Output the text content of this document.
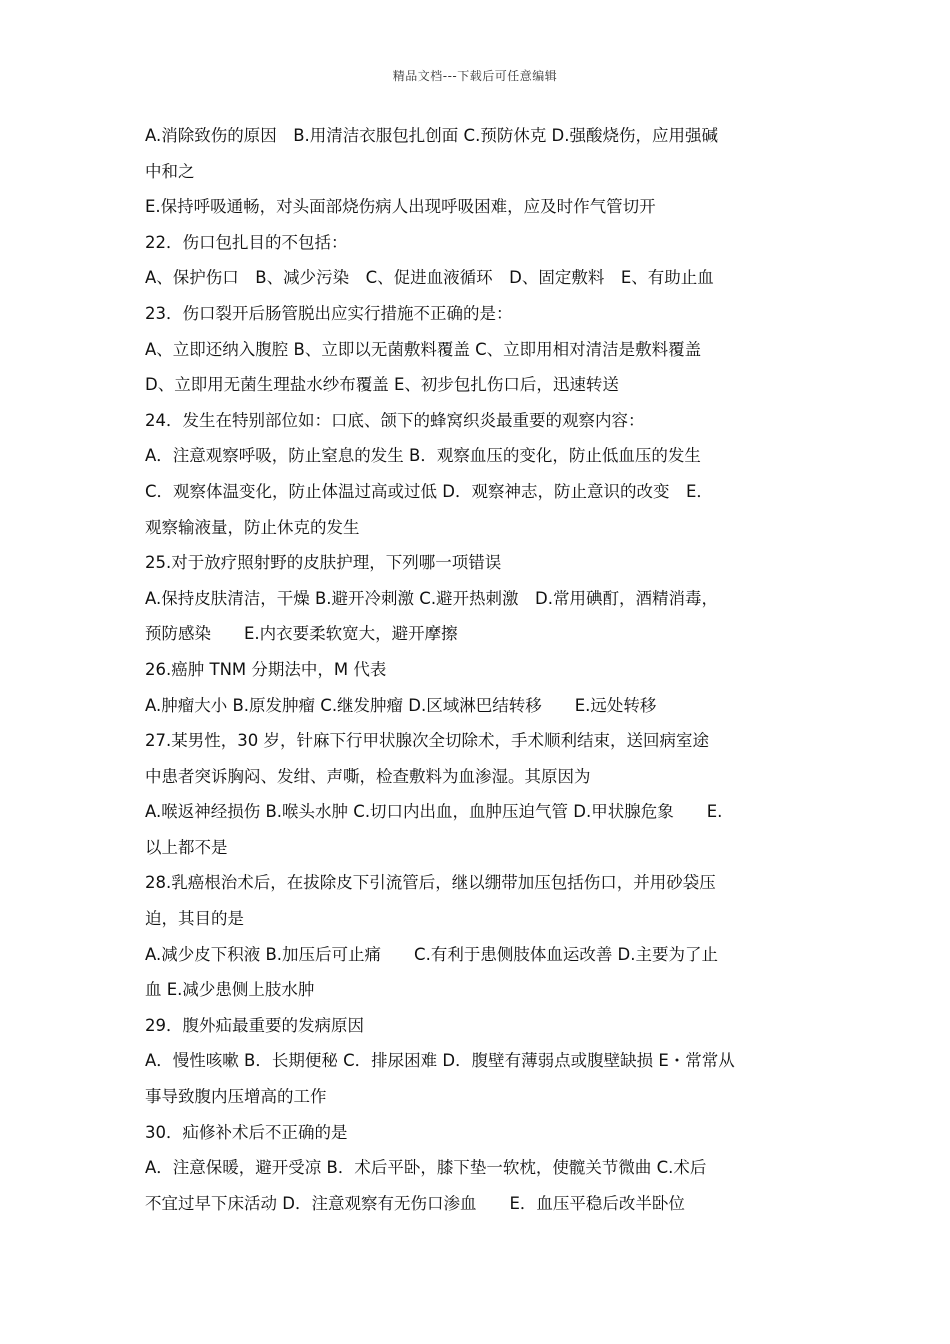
精品文档---下载后可任意编辑
A.消除致伤的原因　B.用清洁衣服包扎创面 C.预防休克 D.强酸烧伤，应用强碱
中和之
E.保持呼吸通畅，对头面部烧伤病人出现呼吸困难，应及时作气管切开
22．伤口包扎目的不包括：
A、保护伤口　B、减少污染　C、促进血液循环　D、固定敷料　E、有助止血
23．伤口裂开后肠管脱出应实行措施不正确的是：
A、立即还纳入腹腔 B、立即以无菌敷料覆盖 C、立即用相对清洁是敷料覆盖
D、立即用无菌生理盐水纱布覆盖 E、初步包扎伤口后，迅速转送
24．发生在特别部位如：口底、颌下的蜂窝织炎最重要的观察内容：
A．注意观察呼吸，防止窒息的发生 B．观察血压的变化，防止低血压的发生
C．观察体温变化，防止体温过高或过低 D．观察神志，防止意识的改变　E．
观察输液量，防止休克的发生
25.对于放疗照射野的皮肤护理，下列哪一项错误
A.保持皮肤清洁，干燥 B.避开冷刺激 C.避开热刺激　D.常用碘酊，酒精消毒，
预防感染　　E.内衣要柔软宽大，避开摩擦
26.癌肿 TNM 分期法中，M 代表
A.肿瘤大小 B.原发肿瘤 C.继发肿瘤 D.区域淋巴结转移　　E.远处转移
27.某男性，30 岁，针麻下行甲状腺次全切除术，手术顺利结束，送回病室途
中患者突诉胸闷、发绀、声嘶，检查敷料为血渗湿。其原因为
A.喉返神经损伤 B.喉头水肿 C.切口内出血，血肿压迫气管 D.甲状腺危象　　E.
以上都不是
28.乳癌根治术后，在拔除皮下引流管后，继以绷带加压包括伤口，并用砂袋压
迫，其目的是
A.减少皮下积液 B.加压后可止痛　　C.有利于患侧肢体血运改善 D.主要为了止
血 E.减少患侧上肢水肿
29．腹外疝最重要的发病原因
A．慢性咳嗽 B．长期便秘 C．排尿困难 D．腹壁有薄弱点或腹壁缺损 E・常常从
事导致腹内压增高的工作
30．疝修补术后不正确的是
A．注意保暖，避开受凉 B．术后平卧，膝下垫一软枕，使髋关节微曲 C.术后
不宜过早下床活动 D．注意观察有无伤口渗血　　E．血压平稳后改半卧位
